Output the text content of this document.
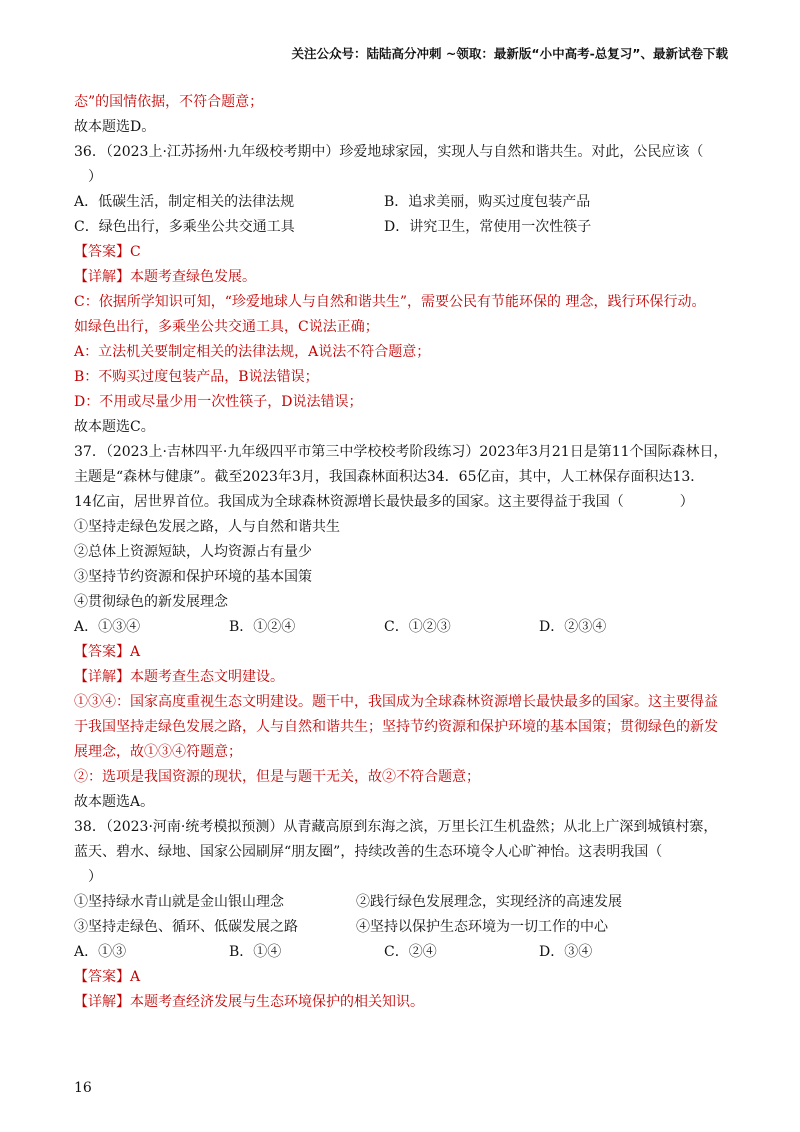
关注公众号：陆陆高分冲刺 ~领取：最新版“小中高考-总复习”、最新试卷下载
态”的国情依据，不符合题意；
故本题选D。
36．（2023上·江苏扬州·九年级校考期中）珍爱地球家园，实现人与自然和谐共生。对此，公民应该（
）
A．低碳生活，制定相关的法律法规	B．追求美丽，购买过度包装产品
C．绿色出行，多乘坐公共交通工具	D．讲究卫生，常使用一次性筷子
【答案】C
【详解】本题考查绿色发展。
C：依据所学知识可知，“珍爱地球人与自然和谐共生”，需要公民有节能环保的 理念，践行环保行动。
如绿色出行，多乘坐公共交通工具，C说法正确；
A：立法机关要制定相关的法律法规，A说法不符合题意；
B：不购买过度包装产品，B说法错误；
D：不用或尽量少用一次性筷子，D说法错误；
故本题选C。
37．（2023上·吉林四平·九年级四平市第三中学校校考阶段练习）2023年3月21日是第11个国际森林日，
主题是“森林与健康”。截至2023年3月，我国森林面积达34．65亿亩，其中，人工林保存面积达13．
14亿亩，居世界首位。我国成为全球森林资源增长最快最多的国家。这主要得益于我国（　　　　）
①坚持走绿色发展之路，人与自然和谐共生
②总体上资源短缺，人均资源占有量少
③坚持节约资源和保护环境的基本国策
④贯彻绿色的新发展理念
A．①③④	B．①②④	C．①②③	D．②③④
【答案】A
【详解】本题考查生态文明建设。
①③④：国家高度重视生态文明建设。题干中，我国成为全球森林资源增长最快最多的国家。这主要得益
于我国坚持走绿色发展之路，人与自然和谐共生；坚持节约资源和保护环境的基本国策；贯彻绿色的新发
展理念，故①③④符题意；
②：选项是我国资源的现状，但是与题干无关，故②不符合题意；
故本题选A。
38．（2023·河南·统考模拟预测）从青藏高原到东海之滨，万里长江生机盎然；从北上广深到城镇村寨，
蓝天、碧水、绿地、国家公园刷屏“朋友圈”，持续改善的生态环境令人心旷神怡。这表明我国（
）
①坚持绿水青山就是金山银山理念	②践行绿色发展理念，实现经济的高速发展
③坚持走绿色、循环、低碳发展之路	④坚持以保护生态环境为一切工作的中心
A．①③	B．①④	C．②④	D．③④
【答案】A
【详解】本题考查经济发展与生态环境保护的相关知识。
16
